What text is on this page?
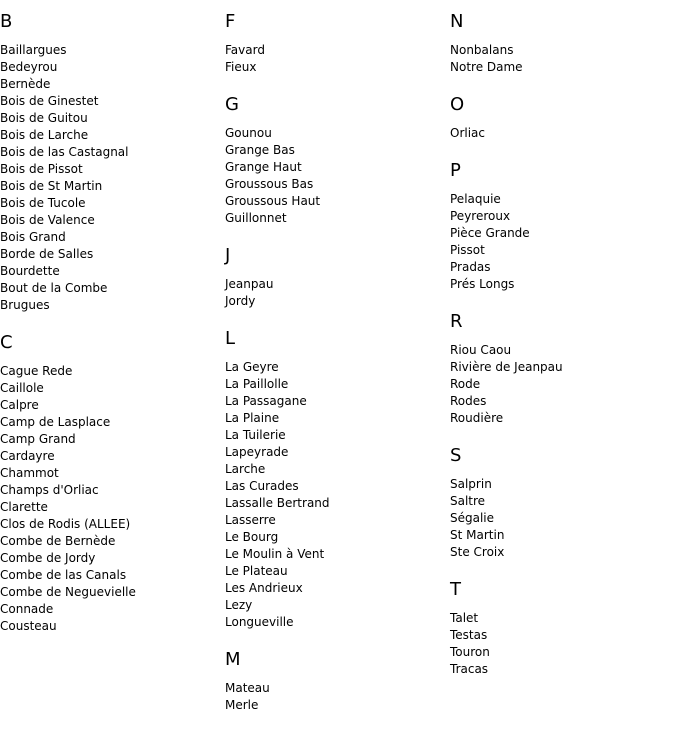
B
Baillargues
Bedeyrou
Bernède
Bois de Ginestet
Bois de Guitou
Bois de Larche
Bois de las Castagnal
Bois de Pissot
Bois de St Martin
Bois de Tucole
Bois de Valence
Bois Grand
Borde de Salles
Bourdette
Bout de la Combe
Brugues
C
Cague Rede
Caillole
Calpre
Camp de Lasplace
Camp Grand
Cardayre
Chammot
Champs d'Orliac
Clarette
Clos de Rodis (ALLEE)
Combe de Bernède
Combe de Jordy
Combe de las Canals
Combe de Neguevielle
Connade
Cousteau
F
Favard
Fieux
G
Gounou
Grange Bas
Grange Haut
Groussous Bas
Groussous Haut
Guillonnet
J
Jeanpau
Jordy
L
La Geyre
La Paillolle
La Passagane
La Plaine
La Tuilerie
Lapeyrade
Larche
Las Curades
Lassalle Bertrand
Lasserre
Le Bourg
Le Moulin à Vent
Le Plateau
Les Andrieux
Lezy
Longueville
M
Mateau
Merle
N
Nonbalans
Notre Dame
O
Orliac
P
Pelaquie
Peyreroux
Pièce Grande
Pissot
Pradas
Prés Longs
R
Riou Caou
Rivière de Jeanpau
Rode
Rodes
Roudière
S
Salprin
Saltre
Ségalie
St Martin
Ste Croix
T
Talet
Testas
Touron
Tracas
